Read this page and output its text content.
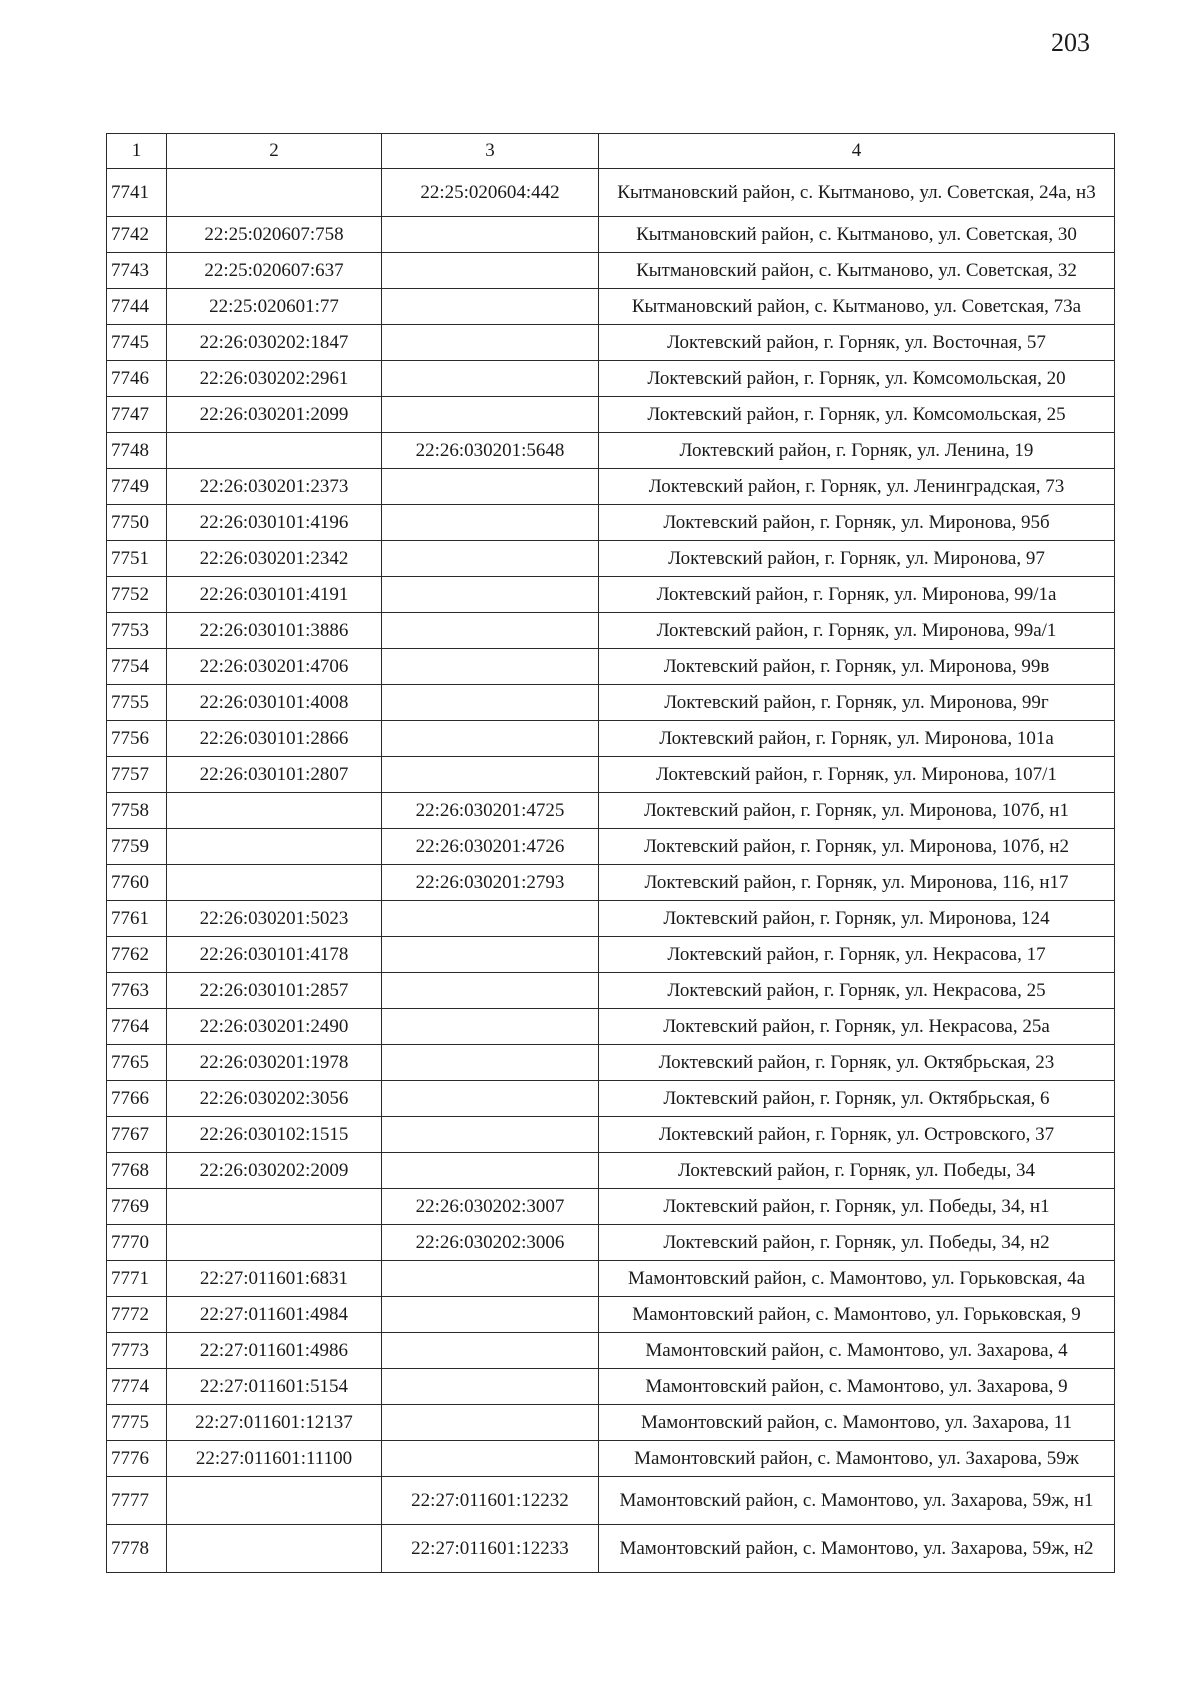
203
1	2	3	4
7741		22:25:020604:442	Кытмановский район, с. Кытманово, ул. Советская, 24а, н3
7742	22:25:020607:758		Кытмановский район, с. Кытманово, ул. Советская, 30
7743	22:25:020607:637		Кытмановский район, с. Кытманово, ул. Советская, 32
7744	22:25:020601:77		Кытмановский район, с. Кытманово, ул. Советская, 73а
7745	22:26:030202:1847		Локтевский район, г. Горняк, ул. Восточная, 57
7746	22:26:030202:2961		Локтевский район, г. Горняк, ул. Комсомольская, 20
7747	22:26:030201:2099		Локтевский район, г. Горняк, ул. Комсомольская, 25
7748		22:26:030201:5648	Локтевский район, г. Горняк, ул. Ленина, 19
7749	22:26:030201:2373		Локтевский район, г. Горняк, ул. Ленинградская, 73
7750	22:26:030101:4196		Локтевский район, г. Горняк, ул. Миронова, 95б
7751	22:26:030201:2342		Локтевский район, г. Горняк, ул. Миронова, 97
7752	22:26:030101:4191		Локтевский район, г. Горняк, ул. Миронова, 99/1а
7753	22:26:030101:3886		Локтевский район, г. Горняк, ул. Миронова, 99а/1
7754	22:26:030201:4706		Локтевский район, г. Горняк, ул. Миронова, 99в
7755	22:26:030101:4008		Локтевский район, г. Горняк, ул. Миронова, 99г
7756	22:26:030101:2866		Локтевский район, г. Горняк, ул. Миронова, 101а
7757	22:26:030101:2807		Локтевский район, г. Горняк, ул. Миронова, 107/1
7758		22:26:030201:4725	Локтевский район, г. Горняк, ул. Миронова, 107б, н1
7759		22:26:030201:4726	Локтевский район, г. Горняк, ул. Миронова, 107б, н2
7760		22:26:030201:2793	Локтевский район, г. Горняк, ул. Миронова, 116, н17
7761	22:26:030201:5023		Локтевский район, г. Горняк, ул. Миронова, 124
7762	22:26:030101:4178		Локтевский район, г. Горняк, ул. Некрасова, 17
7763	22:26:030101:2857		Локтевский район, г. Горняк, ул. Некрасова, 25
7764	22:26:030201:2490		Локтевский район, г. Горняк, ул. Некрасова, 25а
7765	22:26:030201:1978		Локтевский район, г. Горняк, ул. Октябрьская, 23
7766	22:26:030202:3056		Локтевский район, г. Горняк, ул. Октябрьская, 6
7767	22:26:030102:1515		Локтевский район, г. Горняк, ул. Островского, 37
7768	22:26:030202:2009		Локтевский район, г. Горняк, ул. Победы, 34
7769		22:26:030202:3007	Локтевский район, г. Горняк, ул. Победы, 34, н1
7770		22:26:030202:3006	Локтевский район, г. Горняк, ул. Победы, 34, н2
7771	22:27:011601:6831		Мамонтовский район, с. Мамонтово, ул. Горьковская, 4а
7772	22:27:011601:4984		Мамонтовский район, с. Мамонтово, ул. Горьковская, 9
7773	22:27:011601:4986		Мамонтовский район, с. Мамонтово, ул. Захарова, 4
7774	22:27:011601:5154		Мамонтовский район, с. Мамонтово, ул. Захарова, 9
7775	22:27:011601:12137		Мамонтовский район, с. Мамонтово, ул. Захарова, 11
7776	22:27:011601:11100		Мамонтовский район, с. Мамонтово, ул. Захарова, 59ж
7777		22:27:011601:12232	Мамонтовский район, с. Мамонтово, ул. Захарова, 59ж, н1
7778		22:27:011601:12233	Мамонтовский район, с. Мамонтово, ул. Захарова, 59ж, н2
